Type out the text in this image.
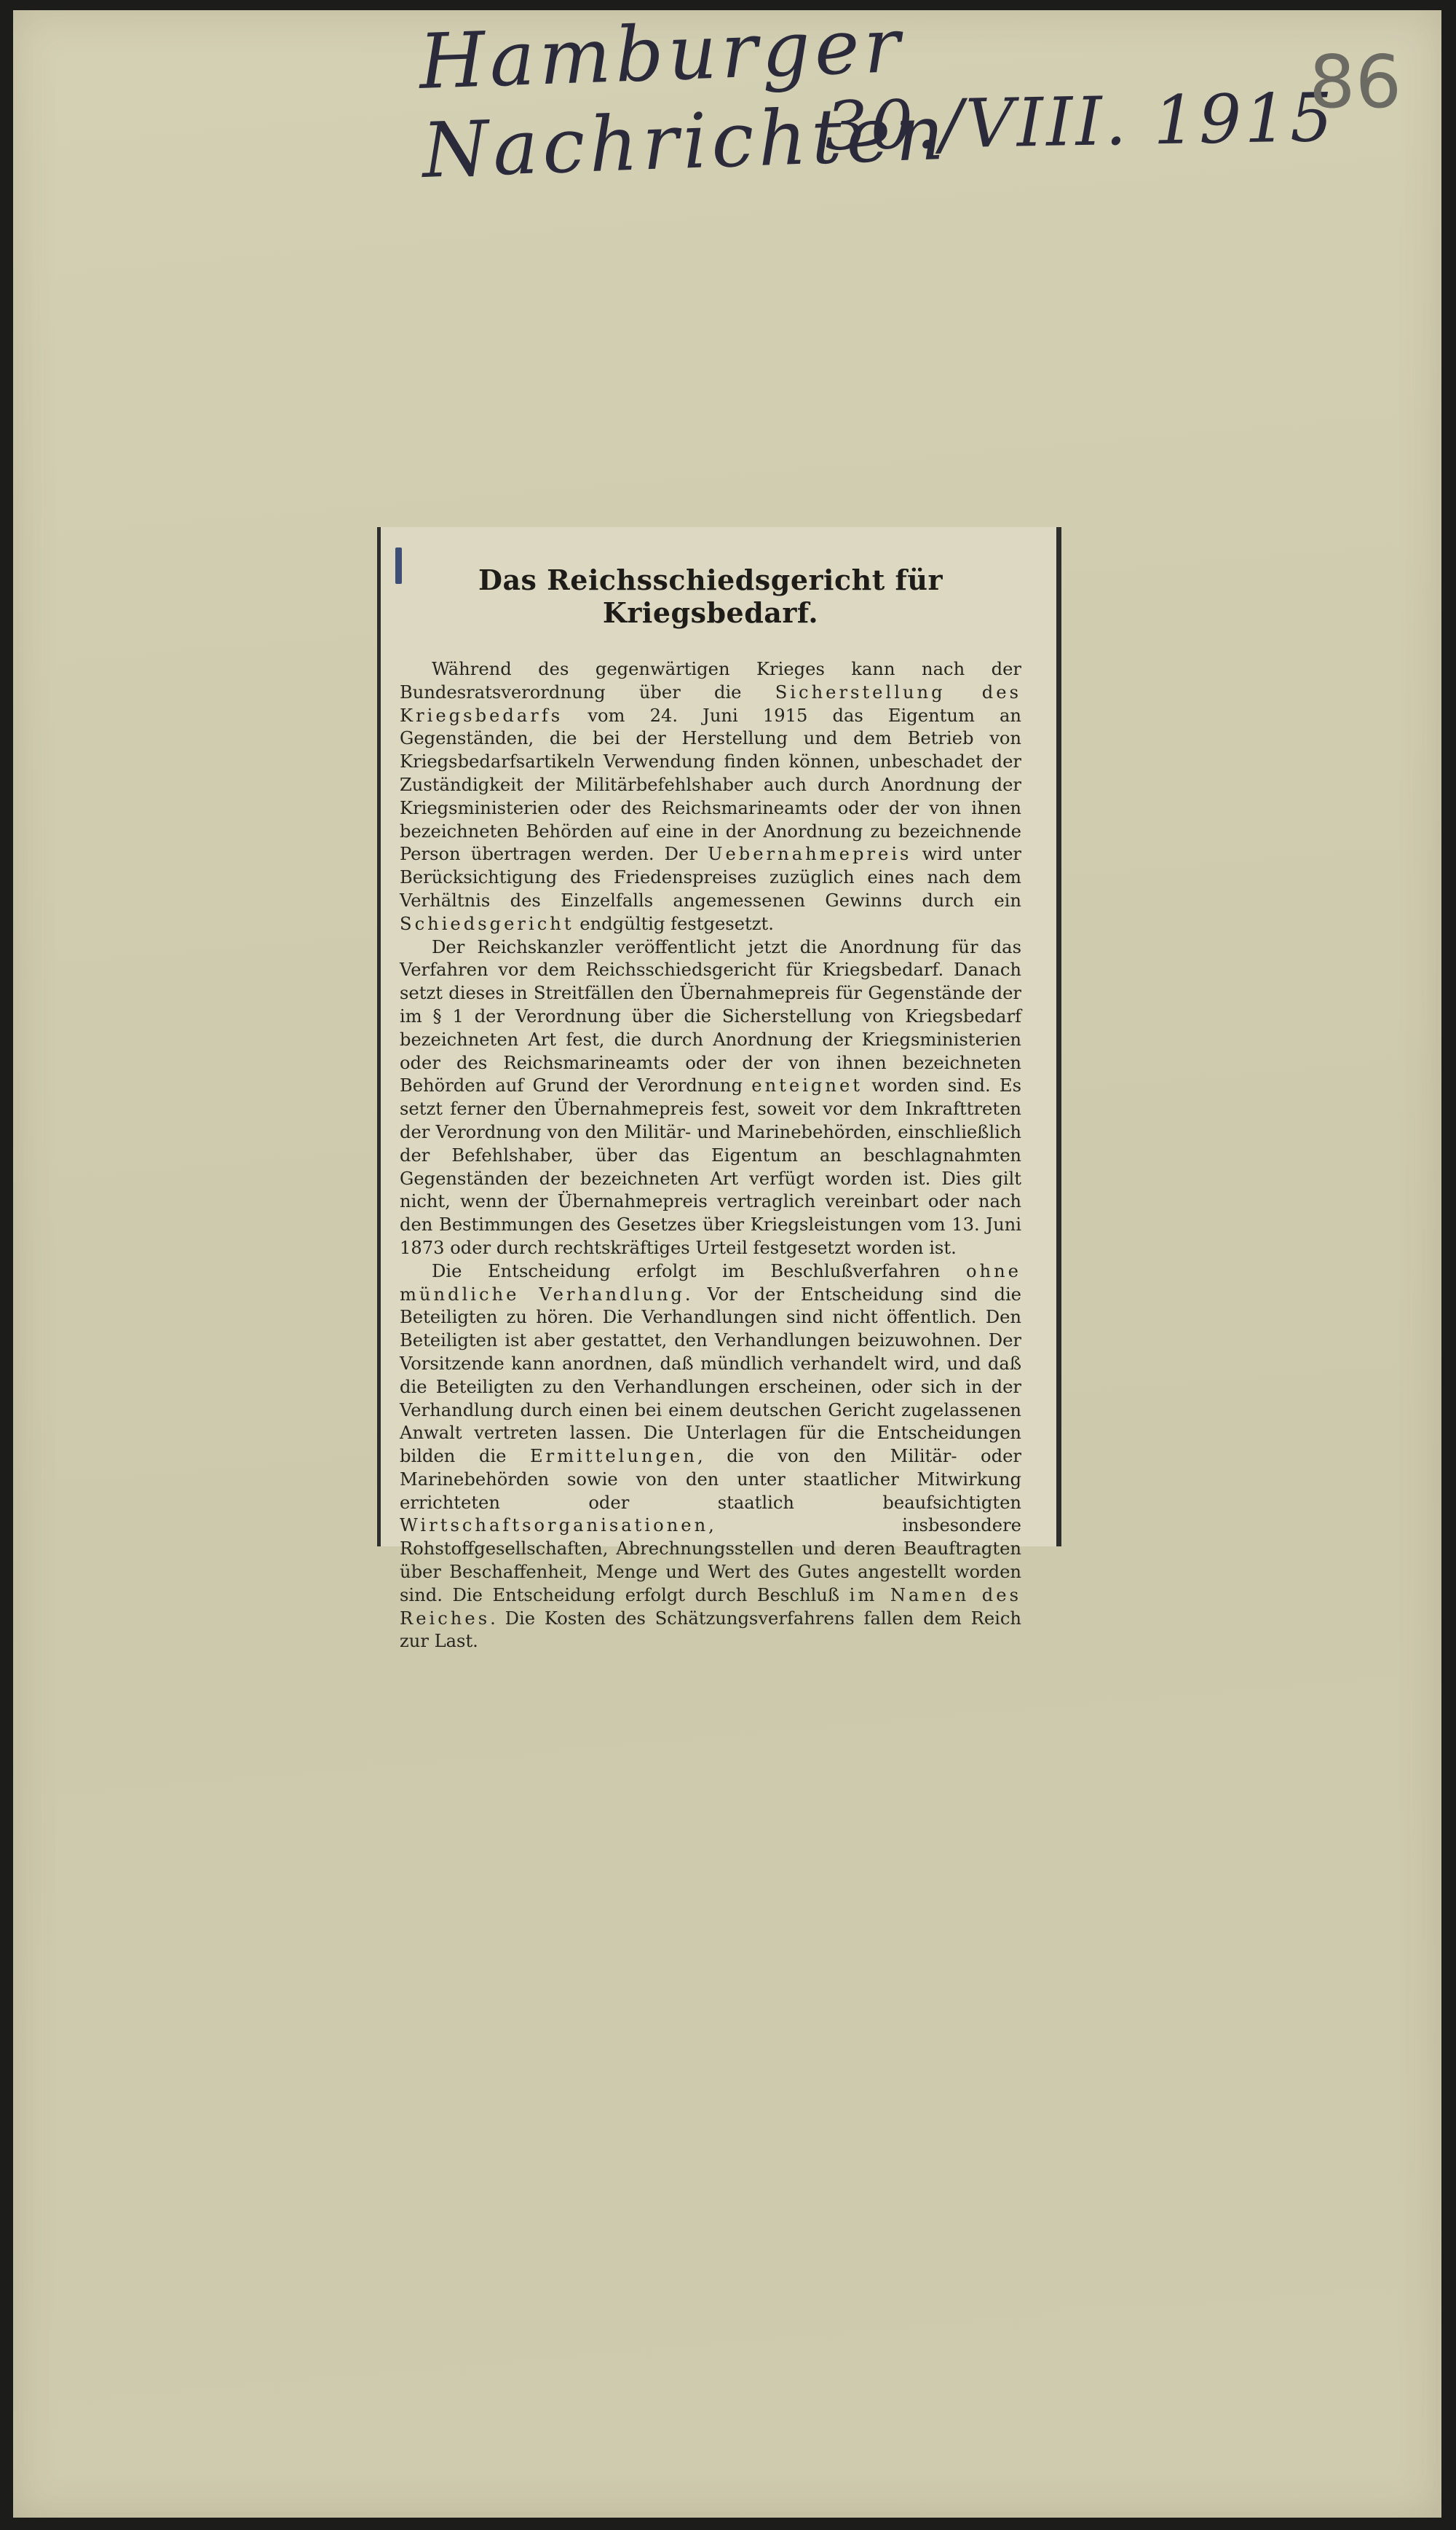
Hamburger Nachrichten
30./VIII. 1915
86
Das Reichsschiedsgericht für Kriegsbedarf.

Während des gegenwärtigen Krieges kann nach der Bundesratsverordnung über die Sicherstellung des Kriegsbedarfs vom 24. Juni 1915 das Eigentum an Gegenständen, die bei der Herstellung und dem Betrieb von Kriegsbedarfsartikeln Verwendung finden können, unbeschadet der Zuständigkeit der Militärbefehlshaber auch durch Anordnung der Kriegsministerien oder des Reichsmarineamts oder der von ihnen bezeichneten Behörden auf eine in der Anordnung zu bezeichnende Person übertragen werden. Der Uebernahmepreis wird unter Berücksichtigung des Friedenspreises zuzüglich eines nach dem Verhältnis des Einzelfalls angemessenen Gewinns durch ein Schiedsgericht endgültig festgesetzt.

Der Reichskanzler veröffentlicht jetzt die Anordnung für das Verfahren vor dem Reichsschiedsgericht für Kriegsbedarf. Danach setzt dieses in Streitfällen den Übernahmepreis für Gegenstände der im § 1 der Verordnung über die Sicherstellung von Kriegsbedarf bezeichneten Art fest, die durch Anordnung der Kriegsministerien oder des Reichsmarineamts oder der von ihnen bezeichneten Behörden auf Grund der Verordnung enteignet worden sind. Es setzt ferner den Übernahmepreis fest, soweit vor dem Inkrafttreten der Verordnung von den Militär- und Marinebehörden, einschließlich der Befehlshaber, über das Eigentum an beschlagnahmten Gegenständen der bezeichneten Art verfügt worden ist. Dies gilt nicht, wenn der Übernahmepreis vertraglich vereinbart oder nach den Bestimmungen des Gesetzes über Kriegsleistungen vom 13. Juni 1873 oder durch rechtskräftiges Urteil festgesetzt worden ist.

Die Entscheidung erfolgt im Beschlußverfahren ohne mündliche Verhandlung. Vor der Entscheidung sind die Beteiligten zu hören. Die Verhandlungen sind nicht öffentlich. Den Beteiligten ist aber gestattet, den Verhandlungen beizuwohnen. Der Vorsitzende kann anordnen, daß mündlich verhandelt wird, und daß die Beteiligten zu den Verhandlungen erscheinen, oder sich in der Verhandlung durch einen bei einem deutschen Gericht zugelassenen Anwalt vertreten lassen. Die Unterlagen für die Entscheidungen bilden die Ermittelungen, die von den Militär- oder Marinebehörden sowie von den unter staatlicher Mitwirkung errichteten oder staatlich beaufsichtigten Wirtschaftsorganisationen, insbesondere Rohstoffgesellschaften, Abrechnungsstellen und deren Beauftragten über Beschaffenheit, Menge und Wert des Gutes angestellt worden sind. Die Entscheidung erfolgt durch Beschluß im Namen des Reiches. Die Kosten des Schätzungsverfahrens fallen dem Reich zur Last.
